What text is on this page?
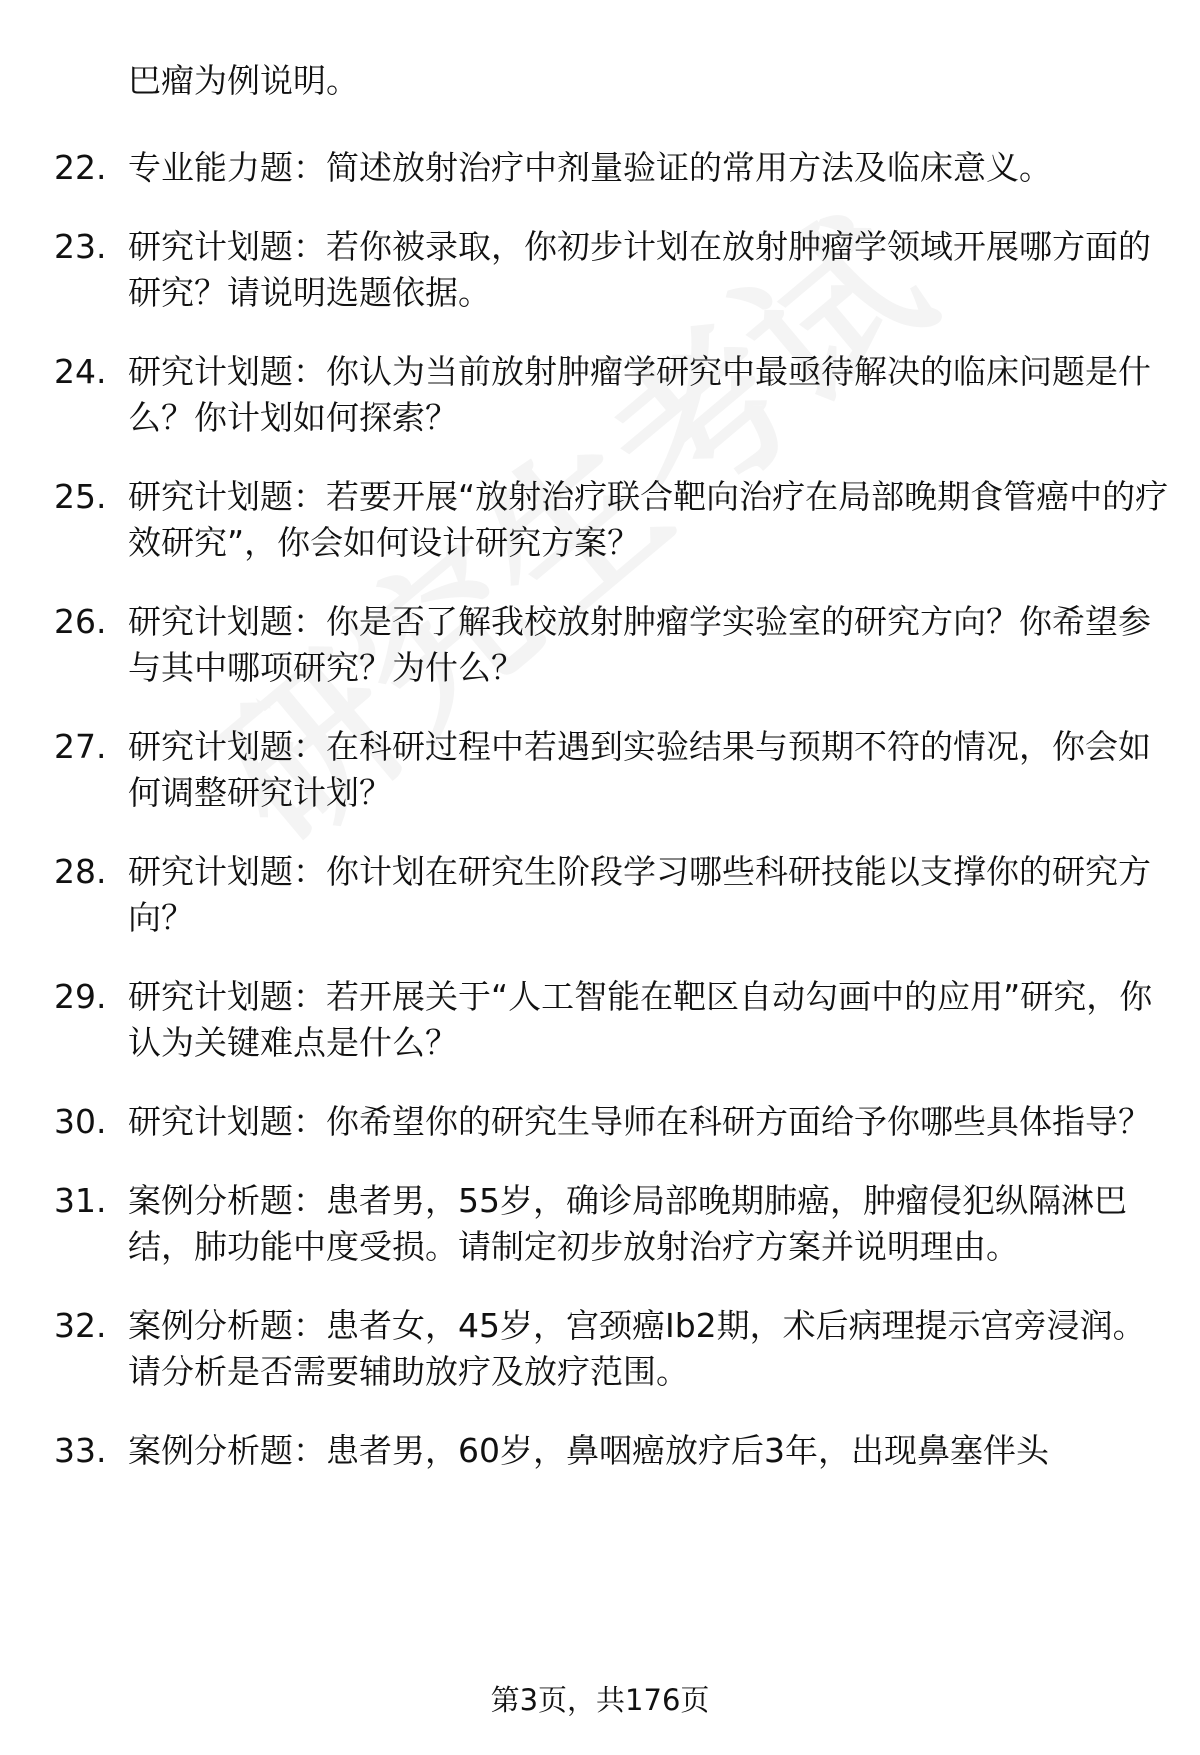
巴瘤为例说明。

22. 专业能力题：简述放射治疗中剂量验证的常用方法及临床意义。
23. 研究计划题：若你被录取，你初步计划在放射肿瘤学领域开展哪方面的研究？请说明选题依据。
24. 研究计划题：你认为当前放射肿瘤学研究中最亟待解决的临床问题是什么？你计划如何探索？
25. 研究计划题：若要开展“放射治疗联合靶向治疗在局部晚期食管癌中的疗效研究”，你会如何设计研究方案？
26. 研究计划题：你是否了解我校放射肿瘤学实验室的研究方向？你希望参与其中哪项研究？为什么？
27. 研究计划题：在科研过程中若遇到实验结果与预期不符的情况，你会如何调整研究计划？
28. 研究计划题：你计划在研究生阶段学习哪些科研技能以支撑你的研究方向？
29. 研究计划题：若开展关于“人工智能在靶区自动勾画中的应用”研究，你认为关键难点是什么？
30. 研究计划题：你希望你的研究生导师在科研方面给予你哪些具体指导？
31. 案例分析题：患者男，55岁，确诊局部晚期肺癌，肿瘤侵犯纵隔淋巴结，肺功能中度受损。请制定初步放射治疗方案并说明理由。
32. 案例分析题：患者女，45岁，宫颈癌Ib2期，术后病理提示宫旁浸润。请分析是否需要辅助放疗及放疗范围。
33. 案例分析题：患者男，60岁，鼻咽癌放疗后3年，出现鼻塞伴头
第3页，共176页
